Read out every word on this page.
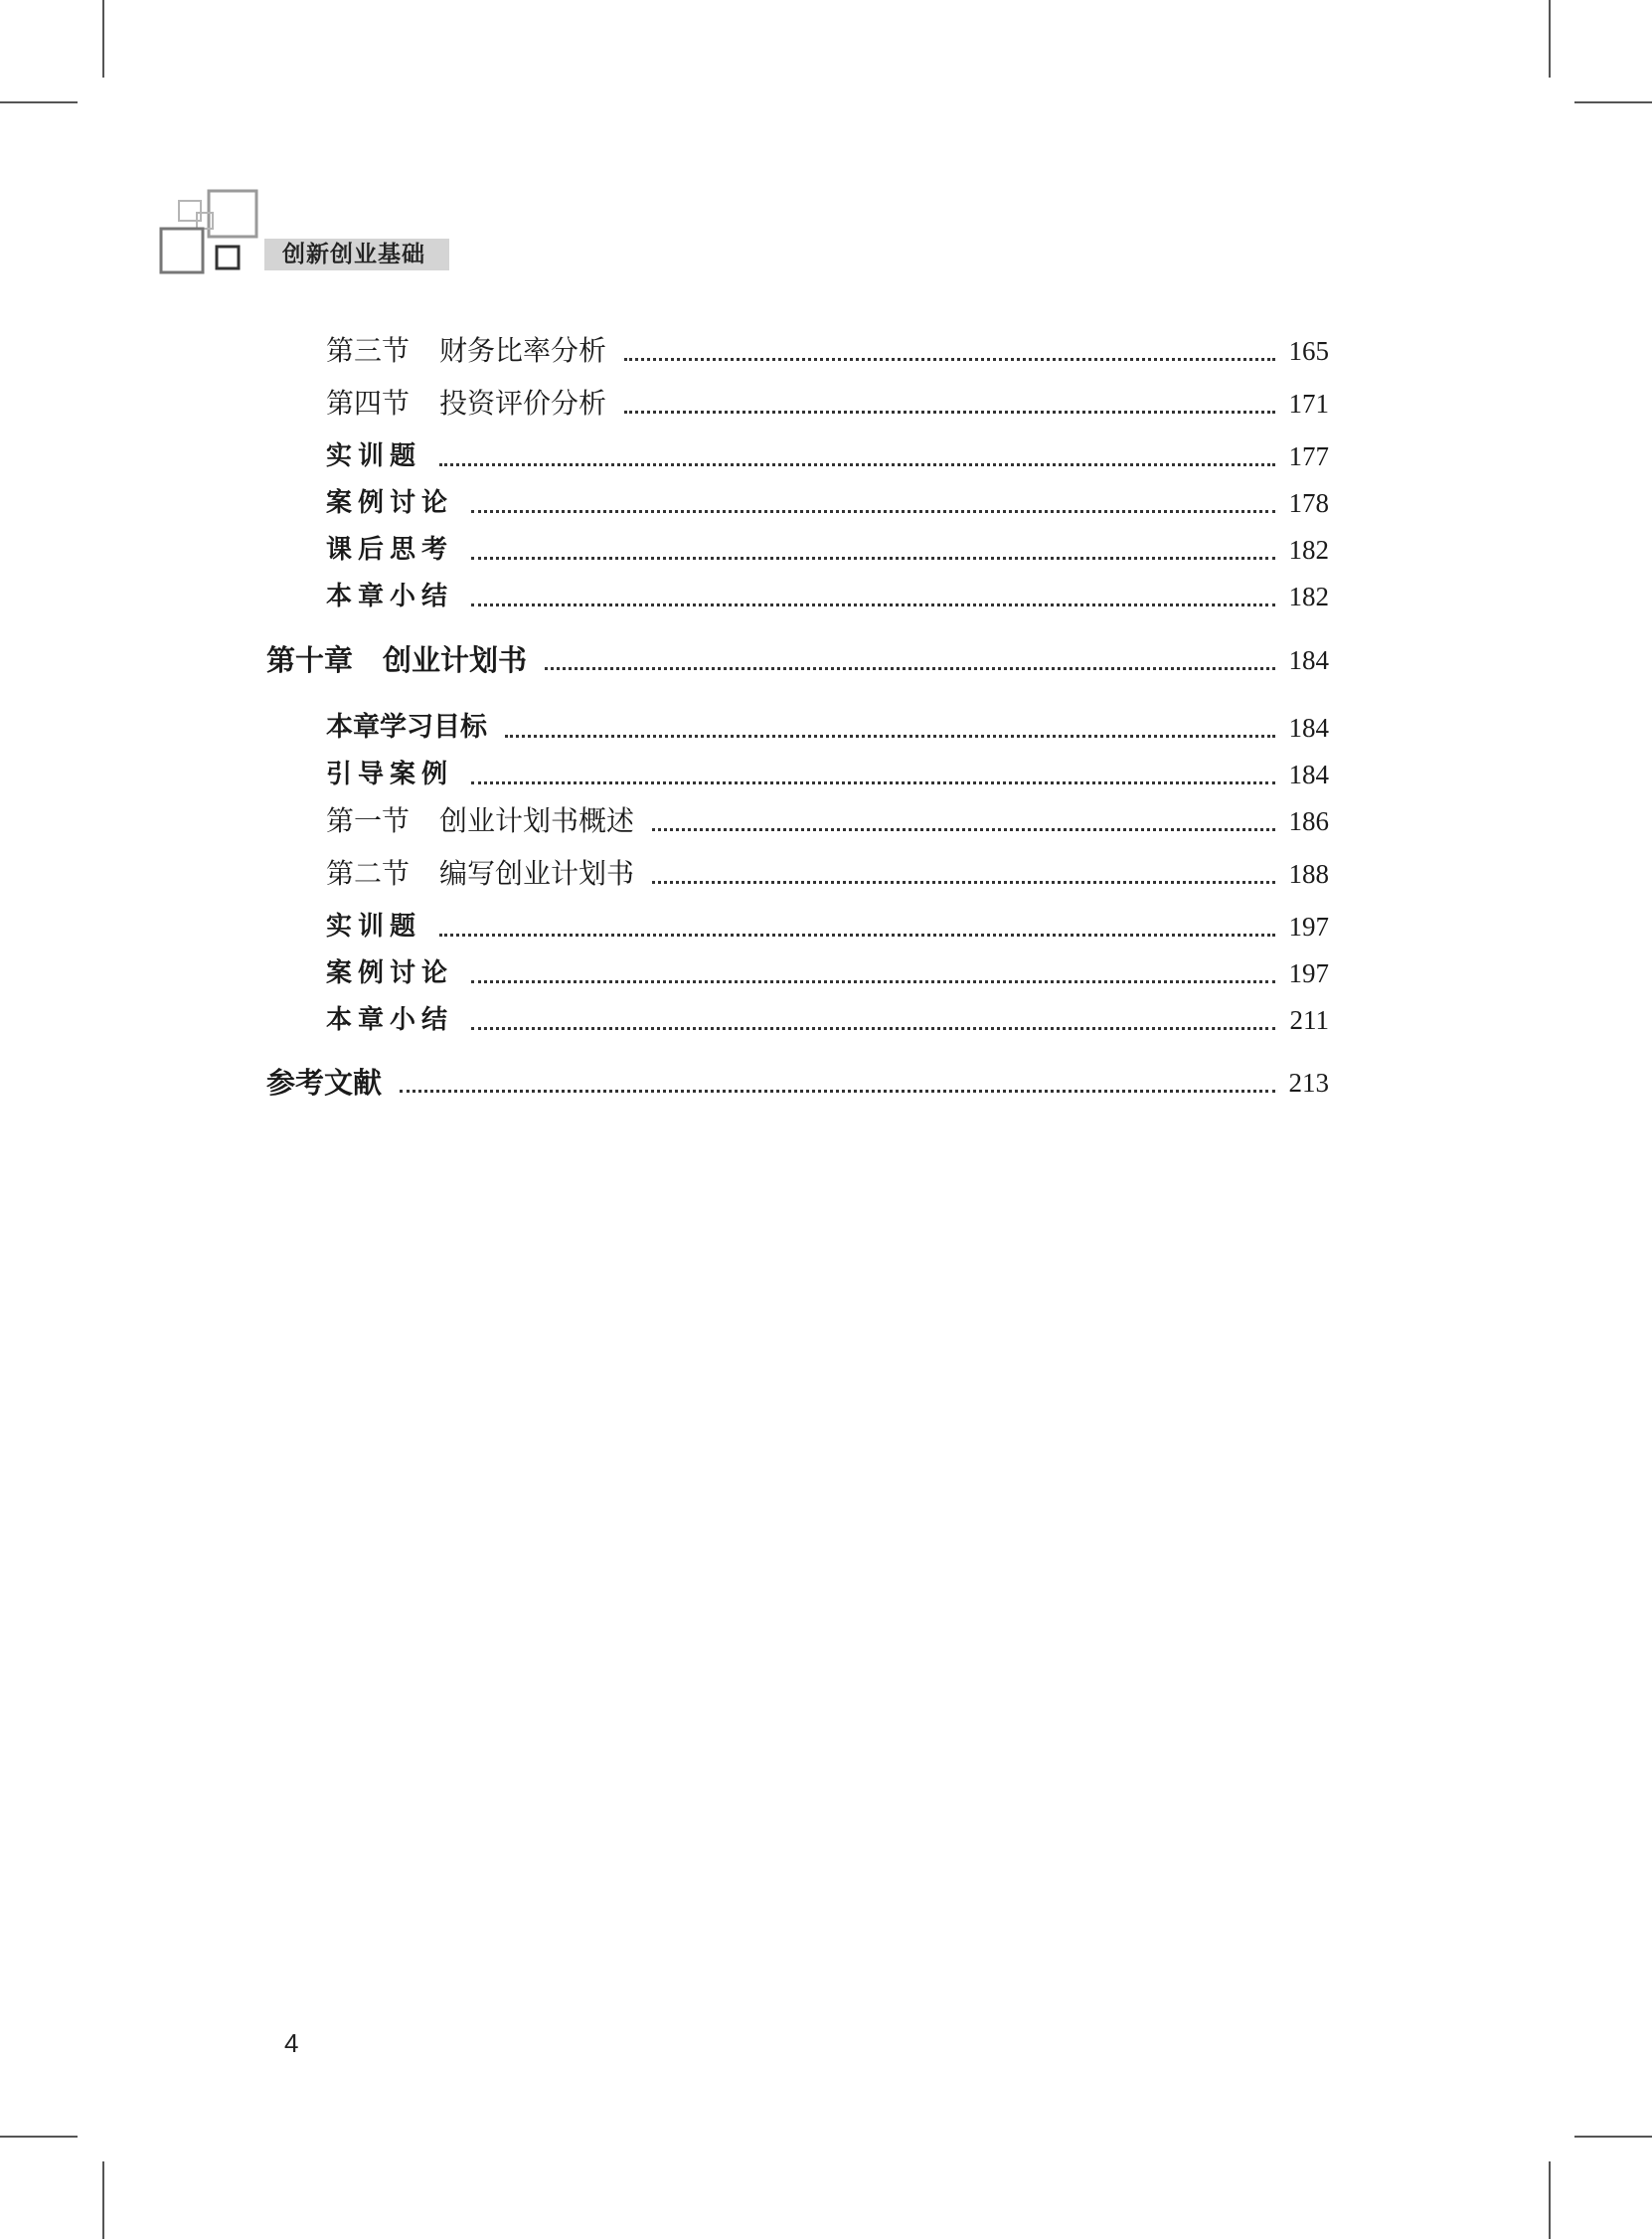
创新创业基础
第三节 财务比率分析	165
第四节 投资评价分析	171
实训题	177
案例讨论	178
课后思考	182
本章小结	182
第十章 创业计划书	184
本章学习目标	184
引导案例	184
第一节 创业计划书概述	186
第二节 编写创业计划书	188
实训题	197
案例讨论	197
本章小结	211
参考文献	213
4
